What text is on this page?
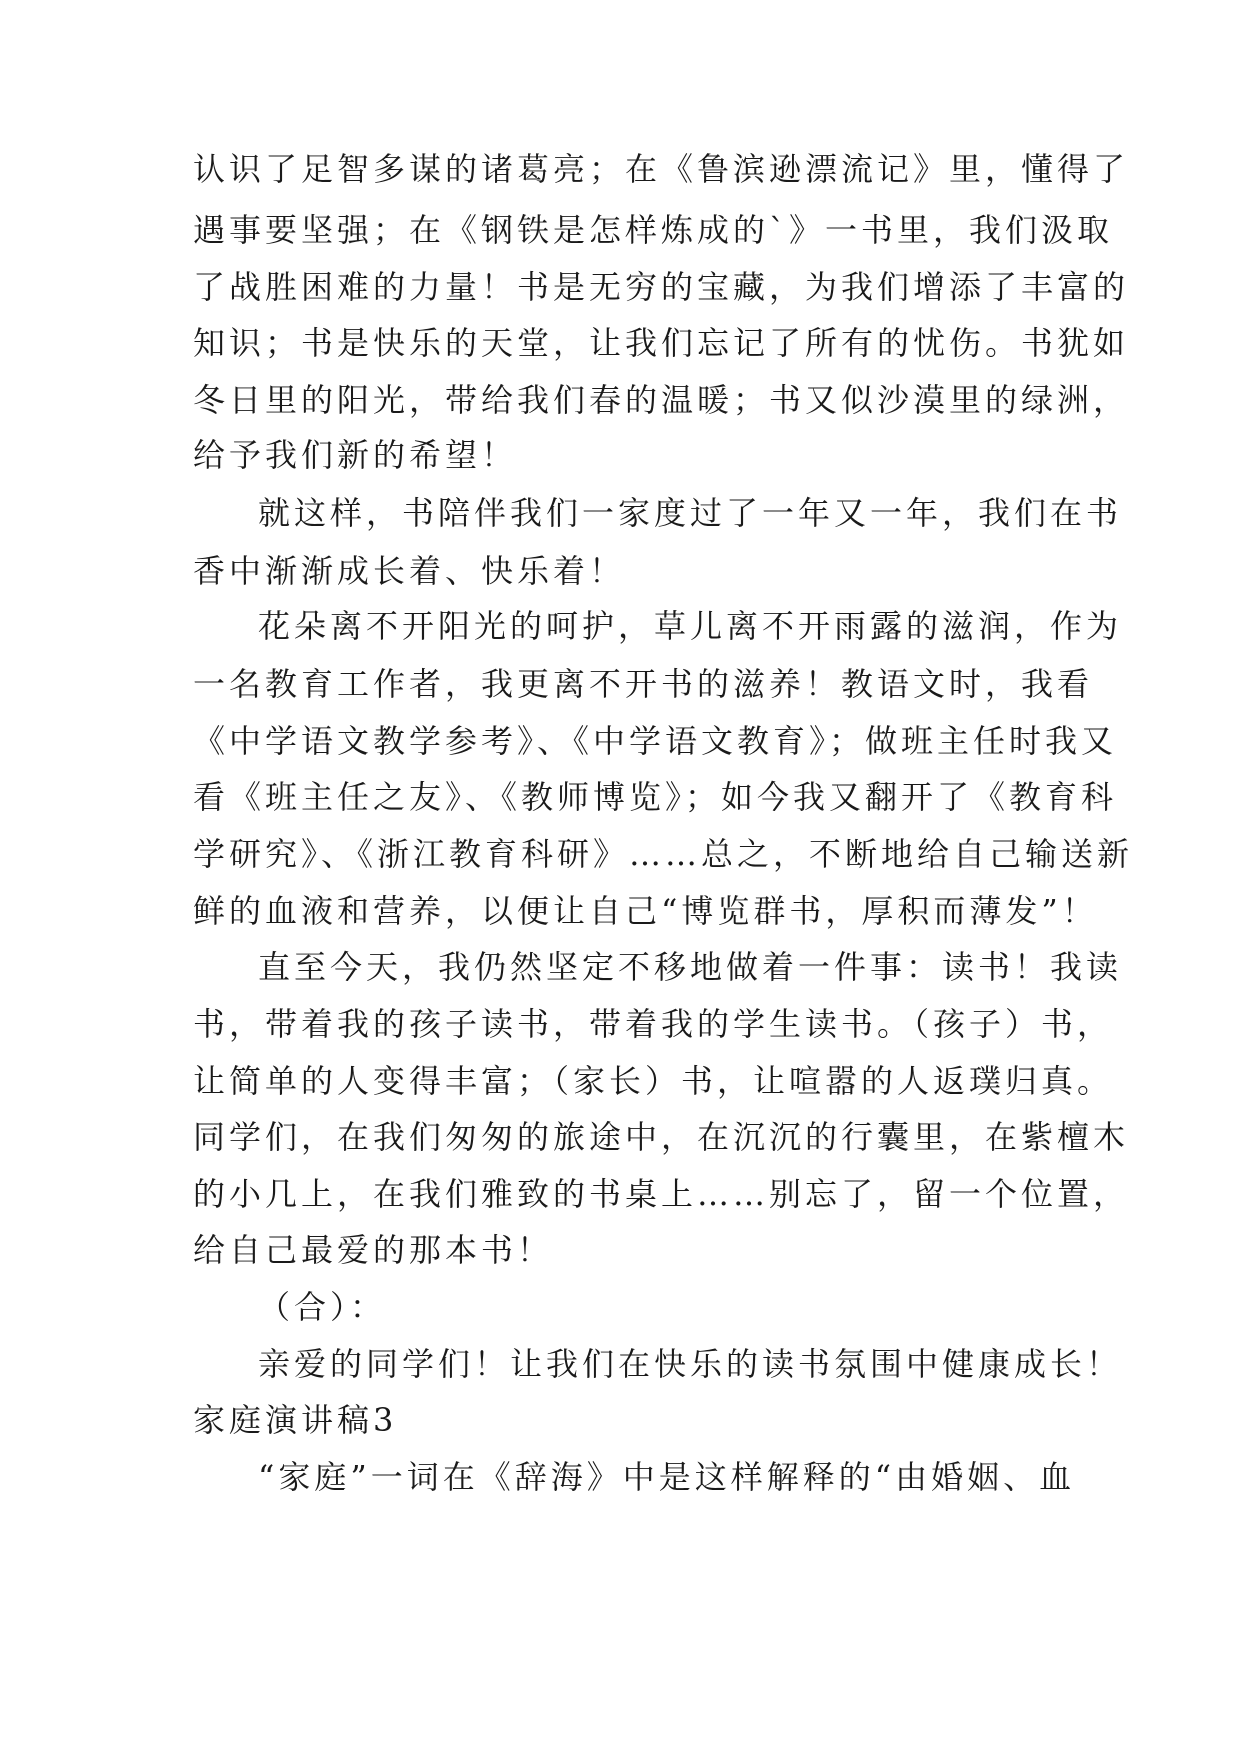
认识了足智多谋的诸葛亮；在《鲁滨逊漂流记》里，懂得了

遇事要坚强；在《钢铁是怎样炼成的`》一书里，我们汲取

了战胜困难的力量！书是无穷的宝藏，为我们增添了丰富的

知识；书是快乐的天堂，让我们忘记了所有的忧伤。书犹如

冬日里的阳光，带给我们春的温暖；书又似沙漠里的绿洲，

给予我们新的希望！

就这样，书陪伴我们一家度过了一年又一年，我们在书

香中渐渐成长着、快乐着！

花朵离不开阳光的呵护，草儿离不开雨露的滋润，作为

一名教育工作者，我更离不开书的滋养！教语文时，我看

《中学语文教学参考》、《中学语文教育》；做班主任时我又

看《班主任之友》、《教师博览》；如今我又翻开了《教育科

学研究》、《浙江教育科研》……总之，不断地给自己输送新

鲜的血液和营养，以便让自己“博览群书，厚积而薄发”！

直至今天，我仍然坚定不移地做着一件事：读书！我读

书，带着我的孩子读书，带着我的学生读书。（孩子）书，

让简单的人变得丰富；（家长）书，让喧嚣的人返璞归真。

同学们，在我们匆匆的旅途中，在沉沉的行囊里，在紫檀木

的小几上，在我们雅致的书桌上……别忘了，留一个位置，

给自己最爱的那本书！

（合）：

亲爱的同学们！让我们在快乐的读书氛围中健康成长！

家庭演讲稿3

“家庭”一词在《辞海》中是这样解释的“由婚姻、血
